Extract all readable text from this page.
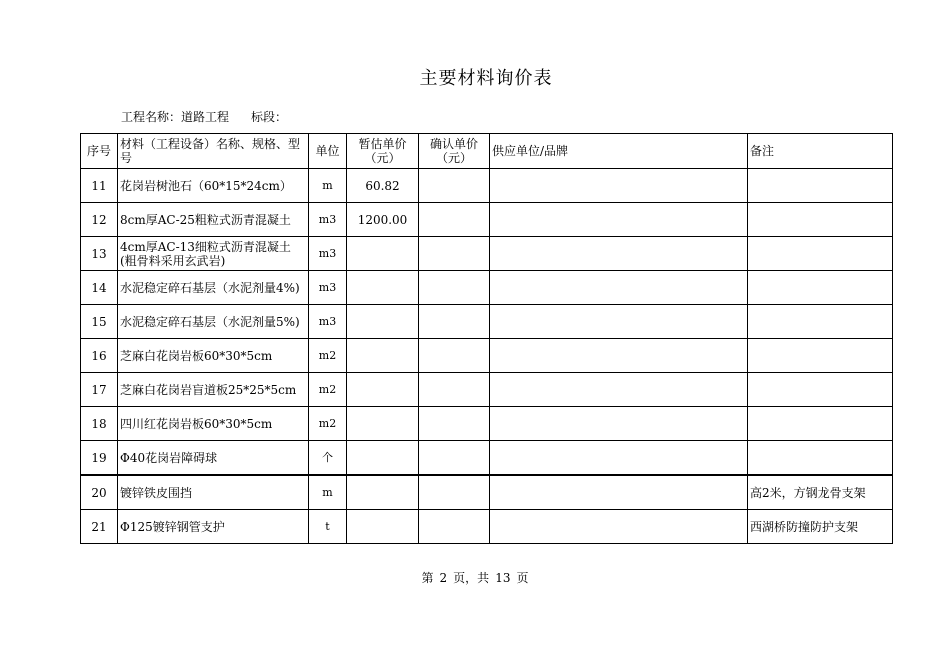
主要材料询价表
工程名称：道路工程 标段：
序号	材料（工程设备）名称、规格、型号	单位	暂估单价（元）	确认单价（元）	供应单位/品牌	备注
11	花岗岩树池石（60*15*24cm）	m	60.82			
12	8cm厚AC-25粗粒式沥青混凝土	m3	1200.00			
13	4cm厚AC-13细粒式沥青混凝土(粗骨料采用玄武岩)	m3				
14	水泥稳定碎石基层（水泥剂量4%)	m3				
15	水泥稳定碎石基层（水泥剂量5%)	m3				
16	芝麻白花岗岩板60*30*5cm	m2				
17	芝麻白花岗岩盲道板25*25*5cm	m2				
18	四川红花岗岩板60*30*5cm	m2				
19	Φ40花岗岩障碍球	个				
20	镀锌铁皮围挡	m				高2米，方钢龙骨支架
21	Φ125镀锌钢管支护	t				西湖桥防撞防护支架
第 2 页，共 13 页
